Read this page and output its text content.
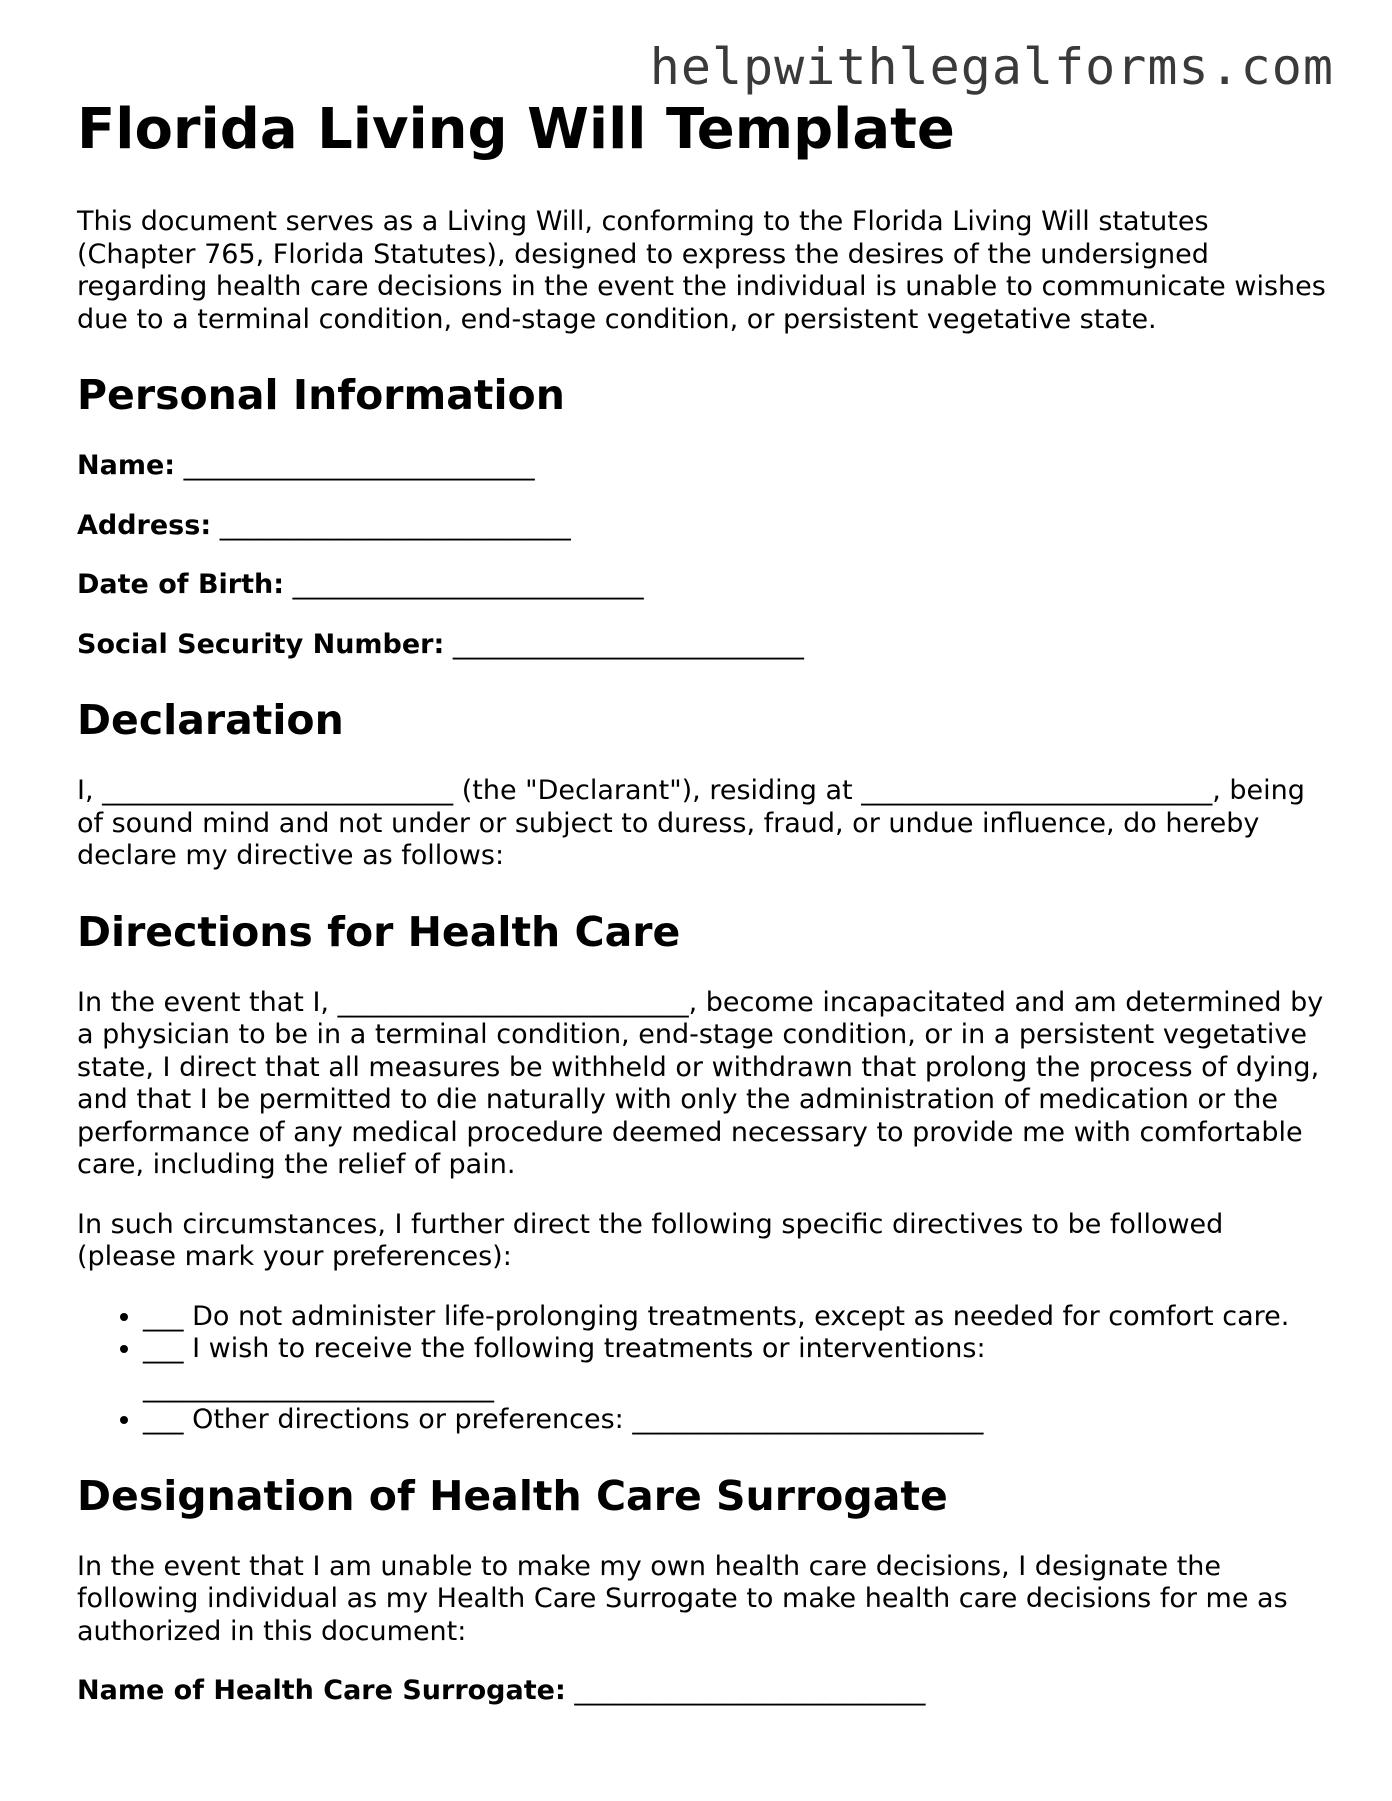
helpwithlegalforms.com
Florida Living Will Template

This document serves as a Living Will, conforming to the Florida Living Will statutes (Chapter 765, Florida Statutes), designed to express the desires of the undersigned regarding health care decisions in the event the individual is unable to communicate wishes due to a terminal condition, end-stage condition, or persistent vegetative state.

Personal Information
Name: __________________________
Address: __________________________
Date of Birth: __________________________
Social Security Number: __________________________
Declaration

I, __________________________ (the "Declarant"), residing at __________________________, being of sound mind and not under or subject to duress, fraud, or undue influence, do hereby declare my directive as follows:

Directions for Health Care

In the event that I, __________________________, become incapacitated and am determined by a physician to be in a terminal condition, end-stage condition, or in a persistent vegetative state, I direct that all measures be withheld or withdrawn that prolong the process of dying, and that I be permitted to die naturally with only the administration of medication or the performance of any medical procedure deemed necessary to provide me with comfortable care, including the relief of pain.

In such circumstances, I further direct the following specific directives to be followed (please mark your preferences):

• ___ Do not administer life-prolonging treatments, except as needed for comfort care.
• ___ I wish to receive the following treatments or interventions:
__________________________
• ___ Other directions or preferences: __________________________
Designation of Health Care Surrogate

In the event that I am unable to make my own health care decisions, I designate the following individual as my Health Care Surrogate to make health care decisions for me as authorized in this document:

Name of Health Care Surrogate: __________________________
